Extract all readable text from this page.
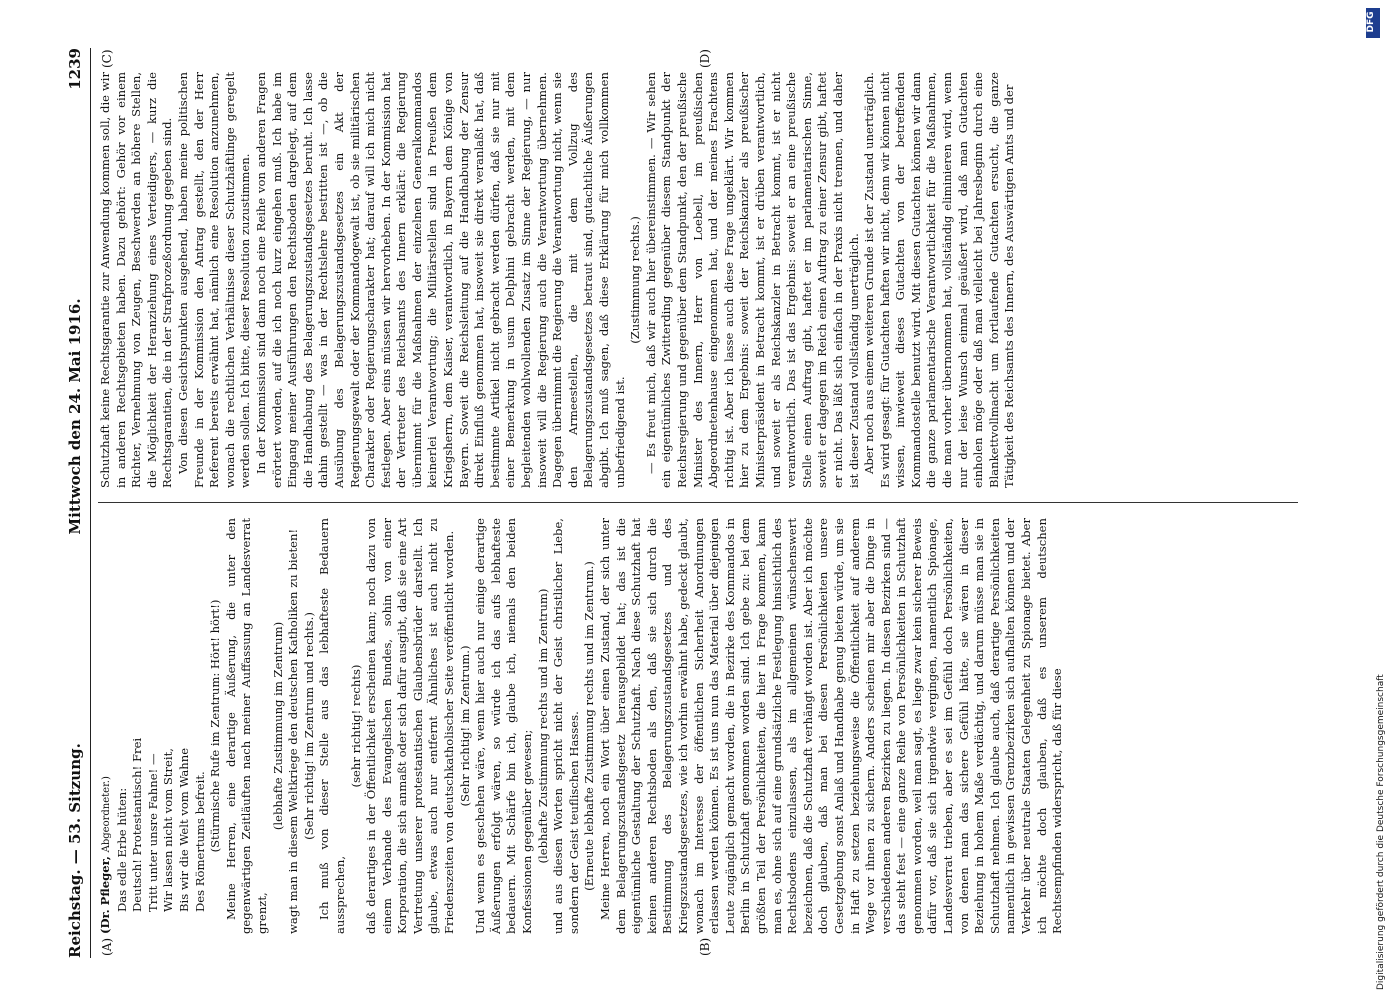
Reichstag. — 53. Sitzung.
Mittwoch den 24. Mai 1916.
1239
(A)	(B)
(C)	(D)

(Dr. Pfleger, Abgeordneter.) Das edle Erbe hüten: Deutsch! Protestantisch! Frei Tritt unter unsre Fahne! — Wir lassen nicht vom Streit, Bis wir die Welt vom Wahne Des Römertums befreit. (Stürmische Rufe im Zentrum: Hört! hört!) Meine Herren, eine derartige Äußerung, die unter den gegenwärtigen Zeitläuften nach meiner Auffassung an Landesverrat grenzt,

(lebhafte Zustimmung im Zentrum) wagt man in diesem Weltkriege den deutschen Katholiken zu bieten! (Sehr richtig! im Zentrum und rechts.) Ich muß von dieser Stelle aus das lebhafteste Bedauern aussprechen,

(sehr richtig! rechts) daß derartiges in der Öffentlichkeit erscheinen kann; noch dazu von einem Verbande des Evangelischen Bundes, sohin von einer Korporation, die sich anmaßt oder sich dafür ausgibt, daß sie eine Art Vertretung unserer protestantischen Glaubensbrüder darstellt. Ich glaube, etwas auch nur entfernt Ähnliches ist auch nicht zu Friedenszeiten von deutschkatholischer Seite veröffentlicht worden. (Sehr richtig! im Zentrum.) Und wenn es geschehen wäre, wenn hier auch nur einige derartige Äußerungen erfolgt wären, so würde ich das aufs lebhafteste bedauern. Mit Schärfe bin ich, glaube ich, niemals den beiden Konfessionen gegenüber gewesen; (lebhafte Zustimmung rechts und im Zentrum) und aus diesen Worten spricht nicht der Geist christlicher Liebe, sondern der Geist teuflischen Hasses. (Erneute lebhafte Zustimmung rechts und im Zentrum.) Meine Herren, noch ein Wort über einen Zustand, der sich unter dem Belagerungszustandsgesetz herausgebildet hat; das ist die eigentümliche Gestaltung der Schutzhaft. Nach diese Schutzhaft hat keinen anderen Rechtsboden als den, daß sie sich durch die Bestimmung des Belagerungszustandsgesetzes und des Kriegszustandsgesetzes, wie ich vorhin erwähnt habe, gedeckt glaubt, wonach im Interesse der öffentlichen Sicherheit Anordnungen erlassen werden können. Es ist uns nun das Material über diejenigen Leute zugänglich gemacht worden, die in Bezirke des Kommandos in Berlin in Schutzhaft genommen worden sind. Ich gebe zu: bei dem größten Teil der Persönlichkeiten, die hier in Frage kommen, kann man es, ohne sich auf eine grundsätzliche Festlegung hinsichtlich des Rechtsbodens einzulassen, als im allgemeinen wünschenswert bezeichnen, daß die Schutzhaft verhängt worden ist. Aber ich möchte doch glauben, daß man bei diesen Persönlichkeiten unsere Gesetzgebung sonst Anlaß und Handhabe genug bieten würde, um sie in Haft zu setzen beziehungsweise die Öffentlichkeit auf anderem Wege vor ihnen zu sichern. Anders scheinen mir aber die Dinge in verschiedenen anderen Bezirken zu liegen. In diesen Bezirken sind — das steht fest — eine ganze Reihe von Persönlichkeiten in Schutzhaft genommen worden, weil man sagt, es liege zwar kein sicherer Beweis dafür vor, daß sie sich irgendwie vergingen, namentlich Spionage, Landesverrat trieben, aber es sei im Gefühl doch Persönlichkeiten, von denen man das sichere Gefühl hätte, sie wären in dieser Beziehung in hohem Maße verdächtig, und darum müsse man sie in Schutzhaft nehmen. Ich glaube auch, daß derartige Persönlichkeiten namentlich in gewissen Grenzbezirken sich aufhalten können und der Verkehr über neutrale Staaten Gelegenheit zu Spionage bietet. Aber ich möchte doch glauben, daß es unserem deutschen Rechtsempfinden widerspricht, daß für diese

Schutzhaft keine Rechtsgarantie zur Anwendung kommen soll, die wir in anderen Rechtsgebieten haben. Dazu gehört: Gehör vor einem Richter, Vernehmung von Zeugen, Beschwerden an höhere Stellen, die Möglichkeit der Heranziehung eines Verteidigers, — kurz die Rechtsgarantien, die in der Strafprozeßordnung gegeben sind. Von diesen Gesichtspunkten ausgehend, haben meine politischen Freunde in der Kommission den Antrag gestellt, den der Herr Referent bereits erwähnt hat, nämlich eine Resolution anzunehmen, wonach die rechtlichen Verhältnisse dieser Schutzhäftlinge geregelt werden sollen. Ich bitte, dieser Resolution zuzustimmen. In der Kommission sind dann noch eine Reihe von anderen Fragen erörtert worden, auf die ich noch kurz eingehen muß. Ich habe im Eingang meiner Ausführungen den Rechtsboden dargelegt, auf dem die Handhabung des Belagerungszustandsgesetzes beruht. Ich lasse dahin gestellt — was in der Rechtslehre bestritten ist —, ob die Ausübung des Belagerungszustandsgesetzes ein Akt der Regierungsgewalt oder der Kommandogewalt ist, ob sie militärischen Charakter oder Regierungscharakter hat; darauf will ich mich nicht festlegen. Aber eins müssen wir hervorheben. In der Kommission hat der Vertreter des Reichsamts des Innern erklärt: die Regierung übernimmt für die Maßnahmen der einzelnen Generalkommandos keinerlei Verantwortung; die Militärstellen sind in Preußen dem Kriegsherrn, dem Kaiser, verantwortlich, in Bayern dem Könige von Bayern. Soweit die Reichsleitung auf die Handhabung der Zensur direkt Einfluß genommen hat, insoweit sie direkt veranlaßt hat, daß bestimmte Artikel nicht gebracht werden dürfen, daß sie nur mit einer Bemerkung in usum Delphini gebracht werden, mit dem begleitenden wohlwollenden Zusatz im Sinne der Regierung, — nur insoweit will die Regierung auch die Verantwortung übernehmen. Dagegen übernimmt die Regierung die Verantwortung nicht, wenn sie den Armeestellen, die mit dem Vollzug des Belagerungszustandsgesetzes betraut sind, gutachtliche Äußerungen abgibt. Ich muß sagen, daß diese Erklärung für mich vollkommen unbefriedigend ist.

(Zustimmung rechts.) — Es freut mich, daß wir auch hier übereinstimmen. — Wir sehen ein eigentümliches Zwitterding gegenüber diesem Standpunkt der Reichsregierung und gegenüber dem Standpunkt, den der preußische Minister des Innern, Herr von Loebell, im preußischen Abgeordnetenhause eingenommen hat, und der meines Erachtens richtig ist. Aber ich lasse auch diese Frage ungeklärt. Wir kommen hier zu dem Ergebnis: soweit der Reichskanzler als preußischer Ministerpräsident in Betracht kommt, ist er drüben verantwortlich, und soweit er als Reichskanzler in Betracht kommt, ist er nicht verantwortlich. Das ist das Ergebnis: soweit er an eine preußische Stelle einen Auftrag gibt, haftet er im parlamentarischen Sinne, soweit er dagegen im Reich einen Auftrag zu einer Zensur gibt, haftet er nicht. Das läßt sich einfach in der Praxis nicht trennen, und daher ist dieser Zustand vollständig unerträglich. Aber noch aus einem weiteren Grunde ist der Zustand unerträglich. Es wird gesagt: für Gutachten haften wir nicht, denn wir können nicht wissen, inwieweit dieses Gutachten von der betreffenden Kommandostelle benutzt wird. Mit diesen Gutachten können wir dann die ganze parlamentarische Verantwortlichkeit für die Maßnahmen, die man vorher übernommen hat, vollständig eliminieren wird, wenn nur der leise Wunsch einmal geäußert wird, daß man Gutachten einholen möge oder daß man vielleicht bei Jahresbeginn durch eine Blankettvollmacht um fortlaufende Gutachten ersucht, die ganze Tätigkeit des Reichsamts des Innern, des Auswärtigen Amts und der

DFG
Digitalisierung gefördert durch die Deutsche Forschungsgemeinschaft
